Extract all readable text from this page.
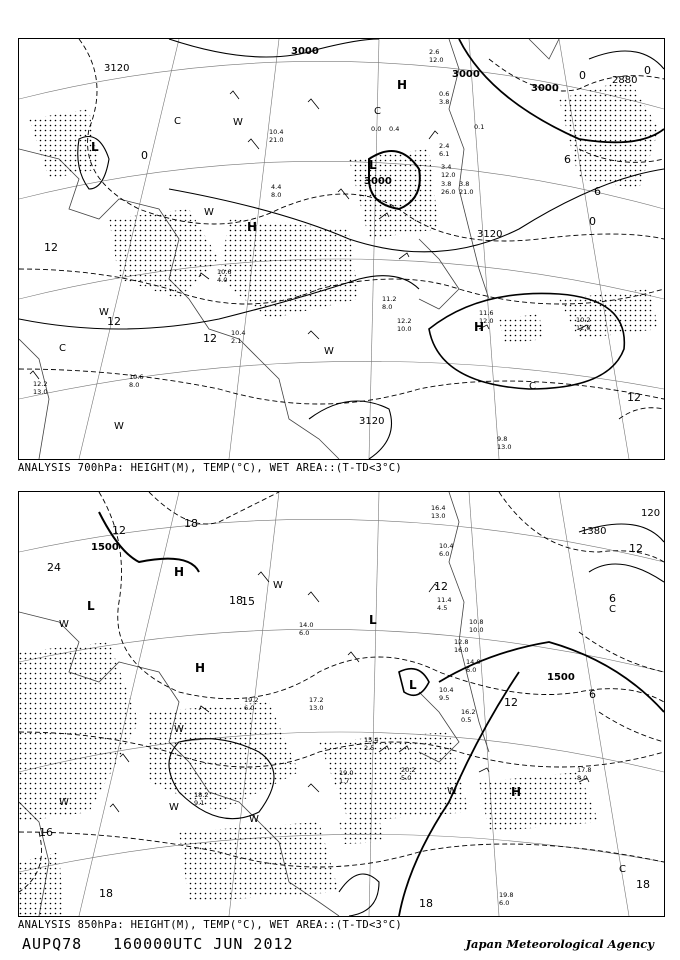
H
H
H
L
L
3000
3000
3000
3000
3120
3120
3120
2880
0
0	0
0
6
6
12
12
12
12
C
C
C
C
W
W
W
W
W
2.6
12.0
0.6
3.8
6.1
0.1
2.4
3.4
12.0
3.8
26.0
3.8
21.0
10.4
21.0
4.4
8.0
10.6
4.0
11.2
8.0
12.2
10.0
11.6
12.0	10.2
12.0
10.4
2.1
10.6
8.0
12.2
13.0
9.8
13.0
0.0 0.4
ANALYSIS 700hPa: HEIGHT(M), TEMP(°C), WET AREA::(T-TD<3°C)
H
H
H
L
L
L
1500
1500
1380
120
24
18
18
18
18
18
15
12
12
12
12
6
6
16
C
C
W
W
W
W
W
W
W
16.4
13.0
10.4
6.0
11.4
4.5
10.8
10.0
12.8
16.0
14.0
6.0
10.4
9.5
16.2
0.5
17.8
8.0
20.2
5.0
19.0
1.7
18.2
9.1
19.2
6.0
17.2
13.0
14.0
6.0
19.8
6.0
15.4
2.5
ANALYSIS 850hPa: HEIGHT(M), TEMP(°C), WET AREA::(T-TD<3°C)
AUPQ78 160000UTC JUN 2012	Japan Meteorological Agency
